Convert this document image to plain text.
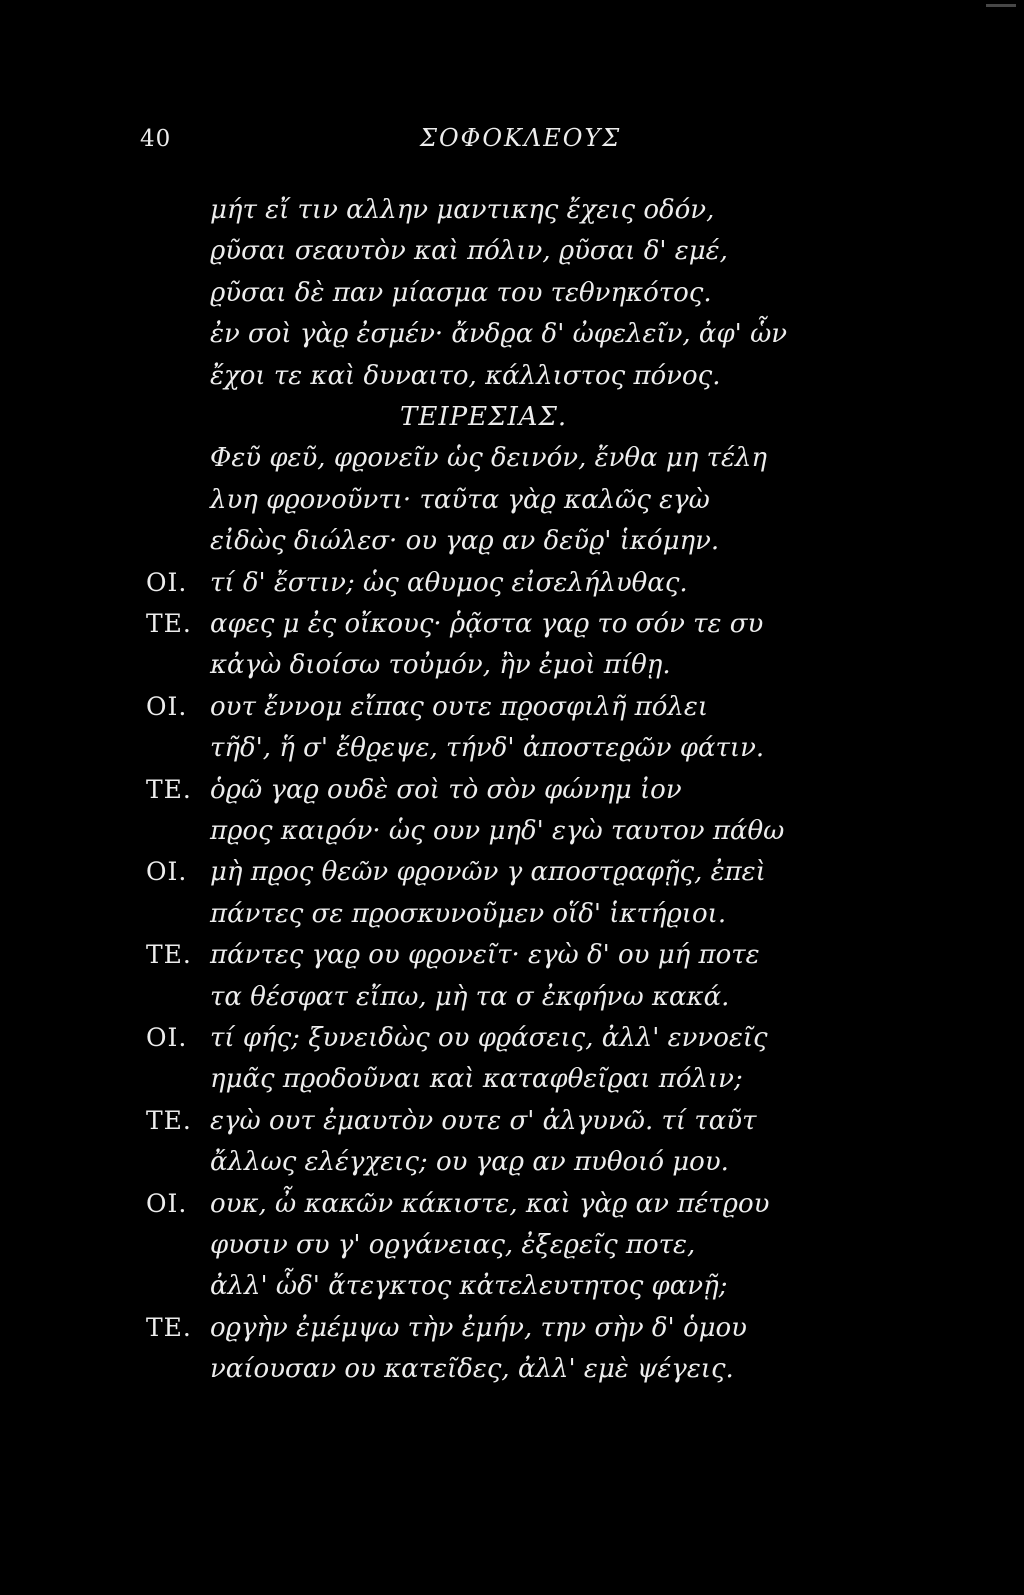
40	ΣΟΦΟΚΛΕΟΥΣ
μήτ εἴ τιν αλλην μαντικης ἔχεις οδόν,
ϱῦσαι σεαυτὸν καὶ πόλιν, ϱῦσαι δ' εμέ,
ϱῦσαι δὲ παν μίασμα του τεθνηκότος.
ἐν σοὶ γὰϱ ἐσμέν· ἄνδϱα δ' ὠφελεῖν, ἀφ' ὧν
ἔχοι τε καὶ δυναιτο, κάλλιστος πόνος.
ΤΕΙΡΕΣΙΑΣ.
Φεῦ φεῦ, φϱονεῖν ὡς δεινόν, ἔνθα μη τέλη
λυη φϱονοῦντι· ταῦτα γὰϱ καλῶς εγὼ
εἰδὼς διώλεσ· ου γαϱ αν δεῦϱ' ἱκόμην.
ΟΙ. τί δ' ἔστιν; ὡς αθυμος εἰσελήλυθας.
ΤΕ. αφες μ ἐς οἴκους· ῥᾷστα γαϱ το σόν τε συ
κἀγὼ διοίσω τοὐμόν, ἢν ἐμοὶ πίθῃ.
ΟΙ. ουτ ἔννομ εἴπας ουτε πϱοσφιλῆ πόλει
τῆδ', ἥ σ' ἔθϱεψε, τήνδ' ἀποστεϱῶν φάτιν.
ΤΕ. ὁϱῶ γαϱ ουδὲ σοὶ τὸ σὸν φώνημ ἰον
πϱος καιϱόν· ὡς ουν μηδ' εγὼ ταυτον πάθω
ΟΙ. μὴ πϱος θεῶν φϱονῶν γ αποστϱαφῇς, ἐπεὶ
πάντες σε πϱοσκυνοῦμεν οἵδ' ἱκτήϱιοι.
ΤΕ. πάντες γαϱ ου φϱονεῖτ· εγὼ δ' ου μή ποτε
τα θέσφατ εἴπω, μὴ τα σ ἐκφήνω κακά.
ΟΙ. τί φής; ξυνειδὼς ου φϱάσεις, ἀλλ' εννοεῖς
ημᾶς πϱοδοῦναι καὶ καταφθεῖϱαι πόλιν;
ΤΕ. εγὼ ουτ ἐμαυτὸν ουτε σ' ἀλγυνῶ. τί ταῦτ
ἄλλως ελέγχεις; ου γαϱ αν πυθοιό μου.
ΟΙ. ουκ, ὦ κακῶν κάκιστε, καὶ γὰϱ αν πέτϱου
φυσιν συ γ' οϱγάνειας, ἐξεϱεῖς ποτε,
ἀλλ' ὧδ' ἄτεγκτος κἀτελευτητος φανῇ;
ΤΕ. οϱγὴν ἐμέμψω τὴν ἐμήν, την σὴν δ' ὁμου
ναίουσαν ου κατεῖδες, ἀλλ' εμὲ ψέγεις.
